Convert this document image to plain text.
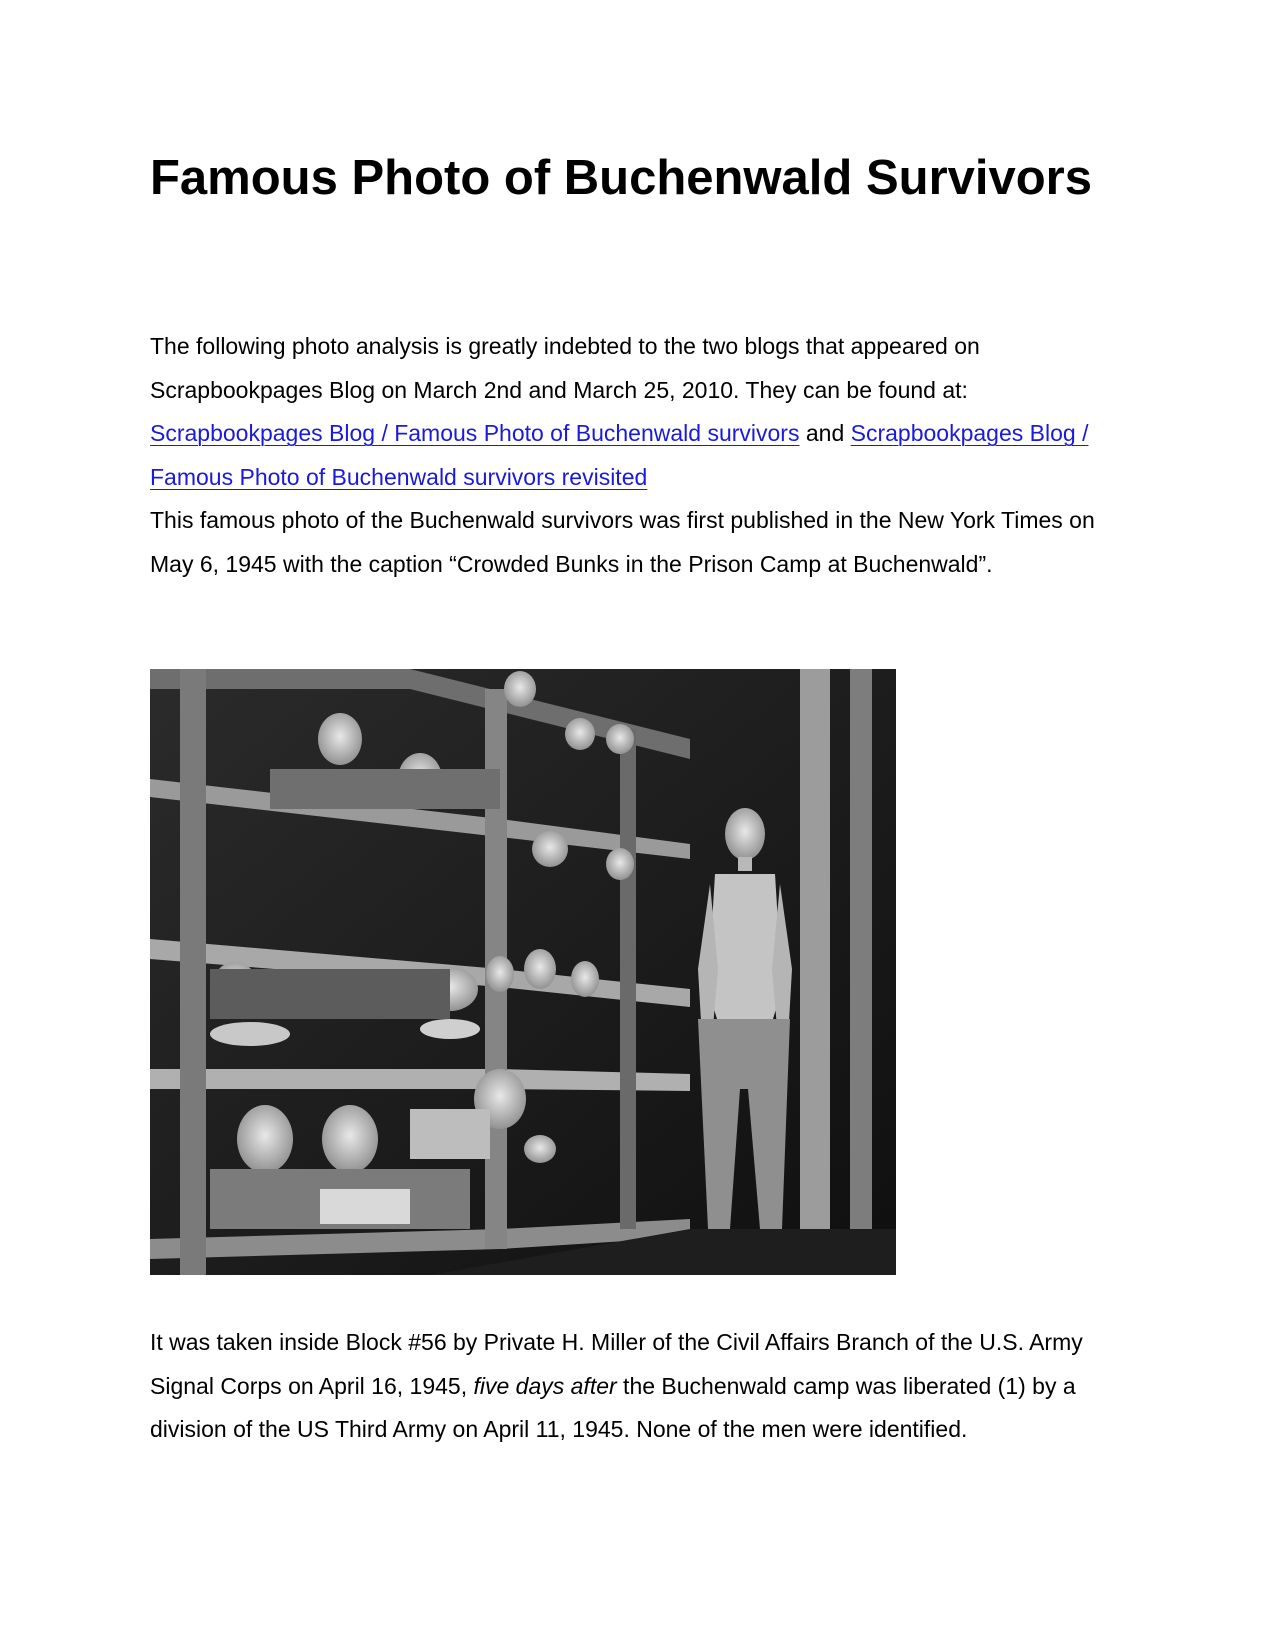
Famous Photo of Buchenwald Survivors

The following photo analysis is greatly indebted to the two blogs that appeared on Scrapbookpages Blog on March 2nd and March 25, 2010. They can be found at: Scrapbookpages Blog / Famous Photo of Buchenwald survivors and Scrapbookpages Blog / Famous Photo of Buchenwald survivors revisited
This famous photo of the Buchenwald survivors was first published in the New York Times on May 6, 1945 with the caption “Crowded Bunks in the Prison Camp at Buchenwald”.

It was taken inside Block #56 by Private H. Miller of the Civil Affairs Branch of the U.S. Army Signal Corps on April 16, 1945, five days after the Buchenwald camp was liberated (1) by a division of the US Third Army on April 11, 1945. None of the men were identified.
